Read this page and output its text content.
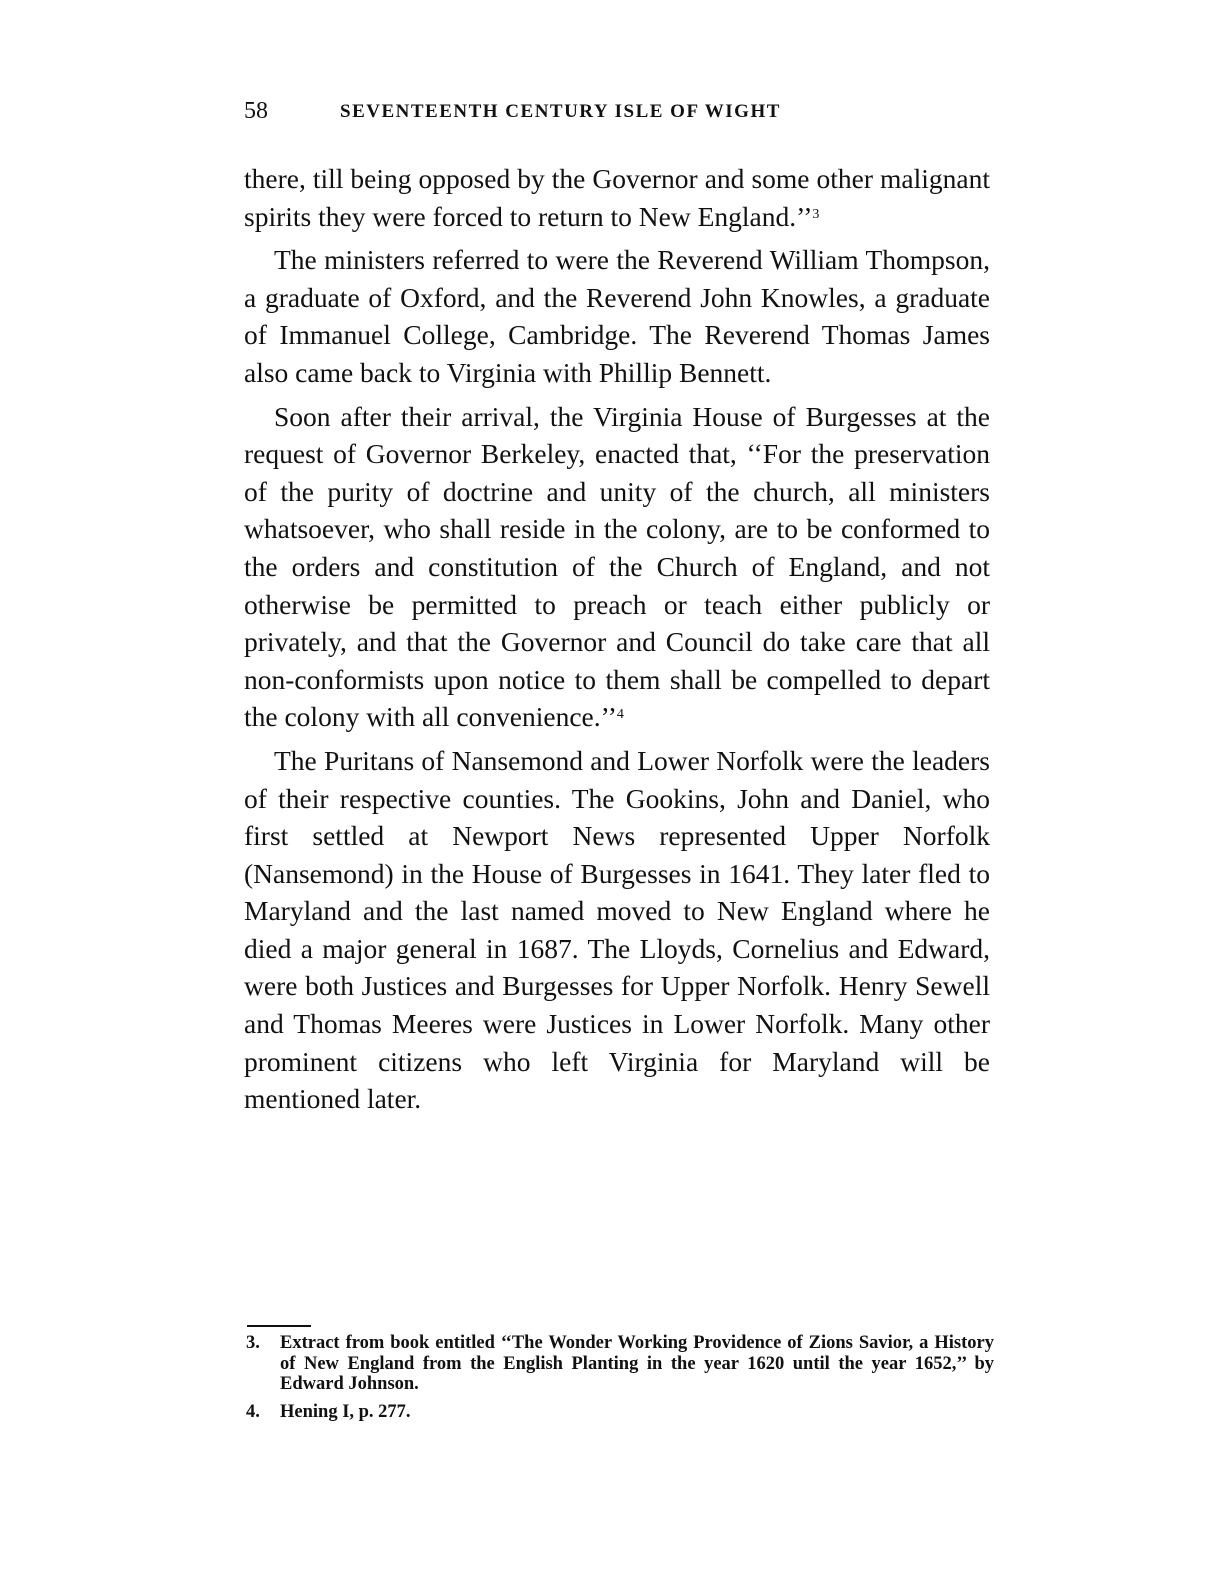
58	SEVENTEENTH CENTURY ISLE OF WIGHT

there, till being opposed by the Governor and some other malignant spirits they were forced to return to New England.’’$^3$

The ministers referred to were the Reverend William Thompson, a graduate of Oxford, and the Reverend John Knowles, a graduate of Immanuel College, Cambridge. The Reverend Thomas James also came back to Virginia with Phillip Bennett.

Soon after their arrival, the Virginia House of Burgesses at the request of Governor Berkeley, enacted that, ‘‘For the preservation of the purity of doctrine and unity of the church, all ministers whatsoever, who shall reside in the colony, are to be conformed to the orders and constitution of the Church of England, and not otherwise be permitted to preach or teach either publicly or privately, and that the Governor and Council do take care that all non-conformists upon notice to them shall be compelled to depart the colony with all convenience.’’$^4$

The Puritans of Nansemond and Lower Norfolk were the leaders of their respective counties. The Gookins, John and Daniel, who first settled at Newport News represented Upper Norfolk (Nansemond) in the House of Burgesses in 1641. They later fled to Maryland and the last named moved to New England where he died a major general in 1687. The Lloyds, Cornelius and Edward, were both Justices and Burgesses for Upper Norfolk. Henry Sewell and Thomas Meeres were Justices in Lower Norfolk. Many other prominent citizens who left Virginia for Maryland will be mentioned later.

3.	Extract from book entitled ‘‘The Wonder Working Providence of Zions Savior, a History of New England from the English Planting in the year 1620 until the year 1652,’’ by Edward Johnson.
4.	Hening I, p. 277.
